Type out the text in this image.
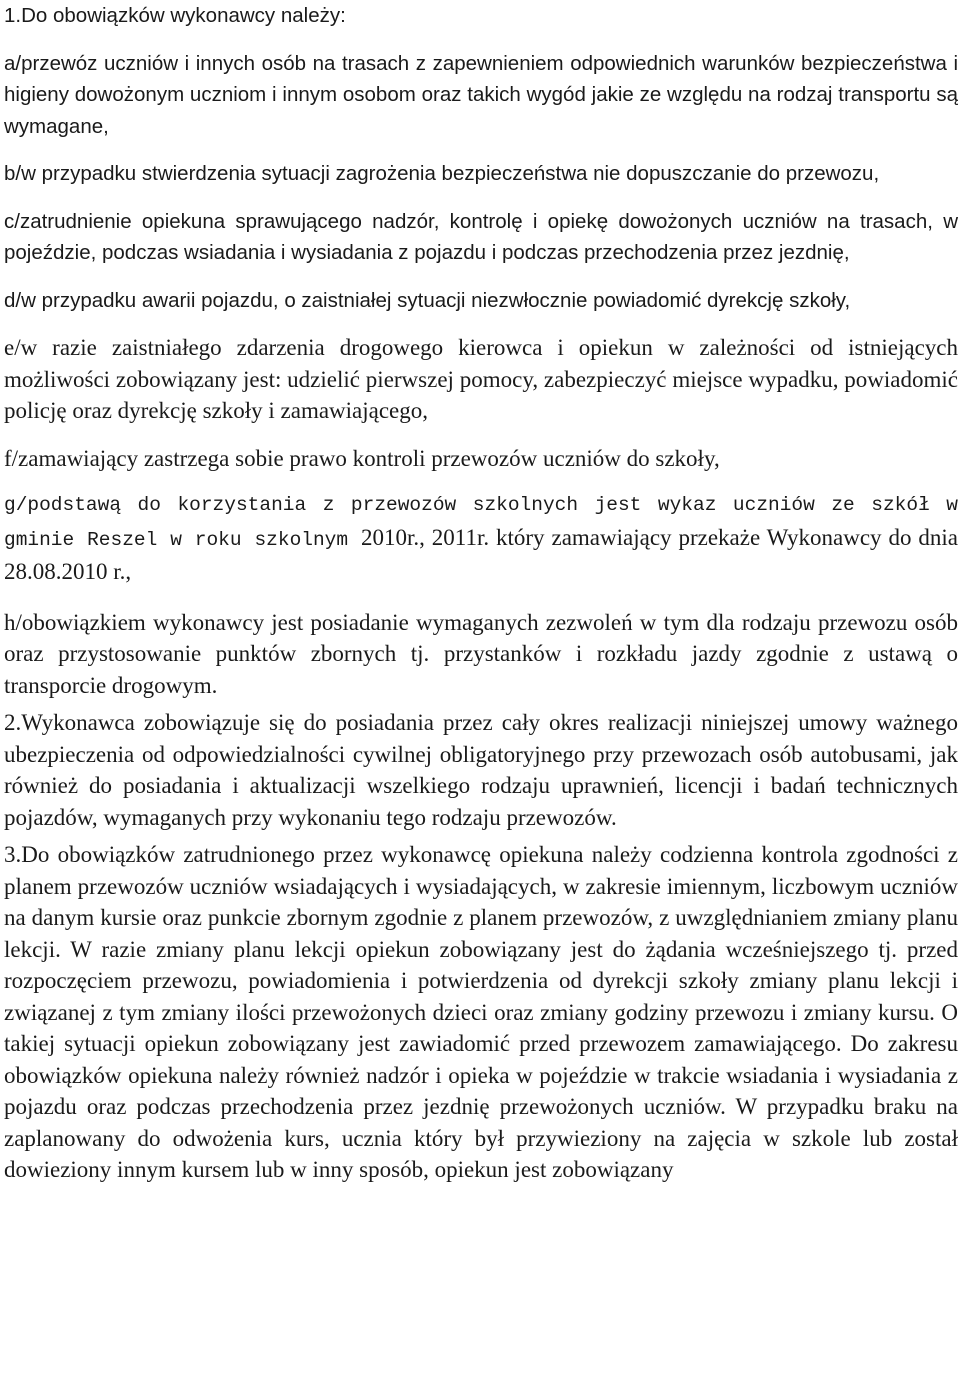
1.Do obowiązków wykonawcy należy:

a/przewóz uczniów i innych osób na trasach z zapewnieniem odpowiednich warunków bezpieczeństwa i higieny dowożonym uczniom i innym osobom oraz takich wygód jakie ze względu na rodzaj transportu są wymagane,

b/w przypadku stwierdzenia sytuacji zagrożenia bezpieczeństwa nie dopuszczanie do przewozu,

c/zatrudnienie opiekuna sprawującego nadzór, kontrolę i opiekę dowożonych uczniów na trasach, w pojeździe, podczas wsiadania i wysiadania z pojazdu i podczas przechodzenia przez jezdnię,

d/w przypadku awarii pojazdu, o zaistniałej sytuacji niezwłocznie powiadomić dyrekcję szkoły,

e/w razie zaistniałego zdarzenia drogowego kierowca i opiekun w zależności od istniejących możliwości zobowiązany jest: udzielić pierwszej pomocy, zabezpieczyć miejsce wypadku, powiadomić policję oraz dyrekcję szkoły i zamawiającego,

f/zamawiający zastrzega sobie prawo kontroli przewozów uczniów do szkoły,

g/podstawą do korzystania z przewozów szkolnych jest wykaz uczniów ze szkół w gminie Reszel w roku szkolnym 2010r., 2011r. który zamawiający przekaże Wykonawcy do dnia 28.08.2010 r.,

h/obowiązkiem wykonawcy jest posiadanie wymaganych zezwoleń w tym dla rodzaju przewozu osób oraz przystosowanie punktów zbornych tj. przystanków i rozkładu jazdy zgodnie z ustawą o transporcie drogowym.

2.Wykonawca zobowiązuje się do posiadania przez cały okres realizacji niniejszej umowy ważnego ubezpieczenia od odpowiedzialności cywilnej obligatoryjnego przy przewozach osób autobusami, jak również do posiadania i aktualizacji wszelkiego rodzaju uprawnień, licencji i badań technicznych pojazdów, wymaganych przy wykonaniu tego rodzaju przewozów.

3.Do obowiązków zatrudnionego przez wykonawcę opiekuna należy codzienna kontrola zgodności z planem przewozów uczniów wsiadających i wysiadających, w zakresie imiennym, liczbowym uczniów na danym kursie oraz punkcie zbornym zgodnie z planem przewozów, z uwzględnianiem zmiany planu lekcji. W razie zmiany planu lekcji opiekun zobowiązany jest do żądania wcześniejszego tj. przed rozpoczęciem przewozu, powiadomienia i potwierdzenia od dyrekcji szkoły zmiany planu lekcji i związanej z tym zmiany ilości przewożonych dzieci oraz zmiany godziny przewozu i zmiany kursu. O takiej sytuacji opiekun zobowiązany jest zawiadomić przed przewozem zamawiającego. Do zakresu obowiązków opiekuna należy również nadzór i opieka w pojeździe w trakcie wsiadania i wysiadania z pojazdu oraz podczas przechodzenia przez jezdnię przewożonych uczniów. W przypadku braku na zaplanowany do odwożenia kurs, ucznia który był przywieziony na zajęcia w szkole lub został dowieziony innym kursem lub w inny sposób, opiekun jest zobowiązany
